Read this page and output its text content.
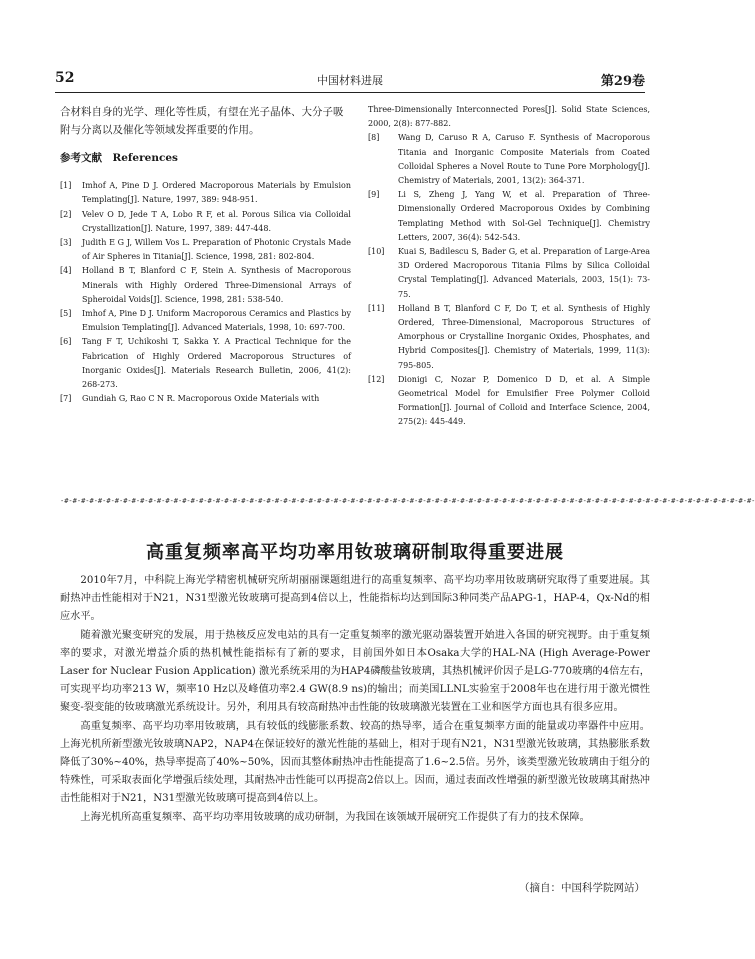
52	中国材料进展	第29卷

合材料自身的光学、理化等性质，有望在光子晶体、大分子吸附与分离以及催化等领域发挥重要的作用。

参考文献　References
[1]	Imhof A, Pine D J. Ordered Macroporous Materials by Emulsion Templating[J]. Nature, 1997, 389: 948-951.
[2]	Velev O D, Jede T A, Lobo R F, et al. Porous Silica via Colloidal Crystallization[J]. Nature, 1997, 389: 447-448.
[3]	Judith E G J, Willem Vos L. Preparation of Photonic Crystals Made of Air Spheres in Titania[J]. Science, 1998, 281: 802-804.
[4]	Holland B T, Blanford C F, Stein A. Synthesis of Macroporous Minerals with Highly Ordered Three-Dimensional Arrays of Spheroidal Voids[J]. Science, 1998, 281: 538-540.
[5]	Imhof A, Pine D J. Uniform Macroporous Ceramics and Plastics by Emulsion Templating[J]. Advanced Materials, 1998, 10: 697-700.
[6]	Tang F T, Uchikoshi T, Sakka Y. A Practical Technique for the Fabrication of Highly Ordered Macroporous Structures of Inorganic Oxides[J]. Materials Research Bulletin, 2006, 41(2): 268-273.
[7]	Gundiah G, Rao C N R. Macroporous Oxide Materials with
Three-Dimensionally Interconnected Pores[J]. Solid State Sciences, 2000, 2(8): 877-882.
[8]	Wang D, Caruso R A, Caruso F. Synthesis of Macroporous Titania and Inorganic Composite Materials from Coated Colloidal Spheres a Novel Route to Tune Pore Morphology[J]. Chemistry of Materials, 2001, 13(2): 364-371.
[9]	Li S, Zheng J, Yang W, et al. Preparation of Three-Dimensionally Ordered Macroporous Oxides by Combining Templating Method with Sol-Gel Technique[J]. Chemistry Letters, 2007, 36(4): 542-543.
[10]	Kuai S, Badilescu S, Bader G, et al. Preparation of Large-Area 3D Ordered Macroporous Titania Films by Silica Colloidal Crystal Templating[J]. Advanced Materials, 2003, 15(1): 73-75.
[11]	Holland B T, Blanford C F, Do T, et al. Synthesis of Highly Ordered, Three-Dimensional, Macroporous Structures of Amorphous or Crystalline Inorganic Oxides, Phosphates, and Hybrid Composites[J]. Chemistry of Materials, 1999, 11(3): 795-805.
[12]	Dionigi C, Nozar P, Domenico D D, et al. A Simple Geometrical Model for Emulsifier Free Polymer Colloid Formation[J]. Journal of Colloid and Interface Science, 2004, 275(2): 445-449.
-#-#-#-#-#-#-#-#-#-#-#-#-#-#-#-#-#-#-#-#-#-#-#-#-#-#-#-#-#-#-#-#-#-#-#-#-#-#-#-#-#-#-#-#-#-#-#-#-#-#-#-#-#-#-#-#-#-#-#-#-#-#-#-#-#-#-#-#-#-#-#-#-#-#-#-#-#-#-#-#-#-#-
高重复频率高平均功率用钕玻璃研制取得重要进展

2010年7月，中科院上海光学精密机械研究所胡丽丽课题组进行的高重复频率、高平均功率用钕玻璃研究取得了重要进展。其耐热冲击性能相对于N21，N31型激光钕玻璃可提高到4倍以上，性能指标均达到国际3种同类产品APG-1，HAP-4，Qx-Nd的相应水平。

随着激光聚变研究的发展，用于热核反应发电站的具有一定重复频率的激光驱动器装置开始进入各国的研究视野。由于重复频率的要求，对激光增益介质的热机械性能指标有了新的要求，目前国外如日本Osaka大学的HAL-NA (High Average-Power Laser for Nuclear Fusion Application) 激光系统采用的为HAP4磷酸盐钕玻璃，其热机械评价因子是LG-770玻璃的4倍左右，可实现平均功率213 W，频率10 Hz以及峰值功率2.4 GW(8.9 ns)的输出；而美国LLNL实验室于2008年也在进行用于激光惯性聚变-裂变能的钕玻璃激光系统设计。另外，利用具有较高耐热冲击性能的钕玻璃激光装置在工业和医学方面也具有很多应用。

高重复频率、高平均功率用钕玻璃，具有较低的线膨胀系数、较高的热导率，适合在重复频率方面的能量或功率器件中应用。上海光机所新型激光钕玻璃NAP2，NAP4在保证较好的激光性能的基础上，相对于现有N21，N31型激光钕玻璃，其热膨胀系数降低了30%~40%，热导率提高了40%~50%，因而其整体耐热冲击性能提高了1.6~2.5倍。另外，该类型激光钕玻璃由于组分的特殊性，可采取表面化学增强后续处理，其耐热冲击性能可以再提高2倍以上。因而，通过表面改性增强的新型激光钕玻璃其耐热冲击性能相对于N21，N31型激光钕玻璃可提高到4倍以上。

上海光机所高重复频率、高平均功率用钕玻璃的成功研制，为我国在该领域开展研究工作提供了有力的技术保障。

（摘自：中国科学院网站）
